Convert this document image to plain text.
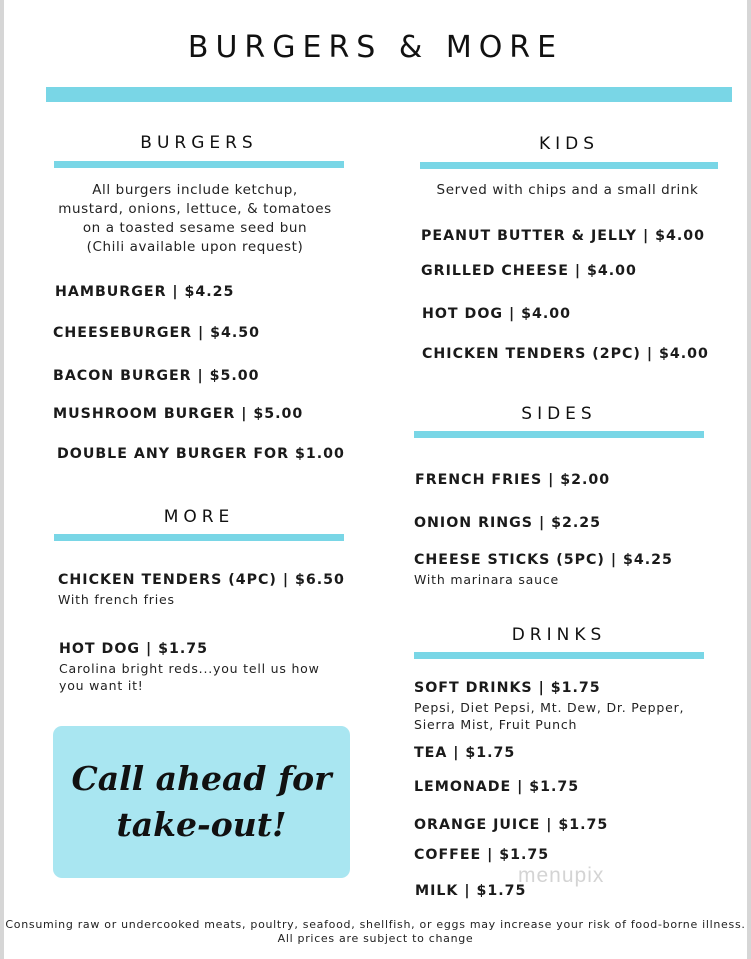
BURGERS & MORE
BURGERS
All burgers include ketchup,
mustard, onions, lettuce, & tomatoes
on a toasted sesame seed bun
(Chili available upon request)
HAMBURGER | $4.25
CHEESEBURGER | $4.50
BACON BURGER | $5.00
MUSHROOM BURGER | $5.00
DOUBLE ANY BURGER FOR $1.00
MORE
CHICKEN TENDERS (4PC) | $6.50
With french fries
HOT DOG | $1.75
Carolina bright reds...you tell us how
you want it!
Call ahead for
take-out!
KIDS
Served with chips and a small drink
PEANUT BUTTER & JELLY | $4.00
GRILLED CHEESE | $4.00
HOT DOG | $4.00
CHICKEN TENDERS (2PC) | $4.00
SIDES
FRENCH FRIES | $2.00
ONION RINGS | $2.25
CHEESE STICKS (5PC) | $4.25
With marinara sauce
DRINKS
SOFT DRINKS | $1.75
Pepsi, Diet Pepsi, Mt. Dew, Dr. Pepper,
Sierra Mist, Fruit Punch
TEA | $1.75
LEMONADE | $1.75
ORANGE JUICE | $1.75
COFFEE | $1.75
MILK | $1.75
menupix
Consuming raw or undercooked meats, poultry, seafood, shellfish, or eggs may increase your risk of food-borne illness.
All prices are subject to change
